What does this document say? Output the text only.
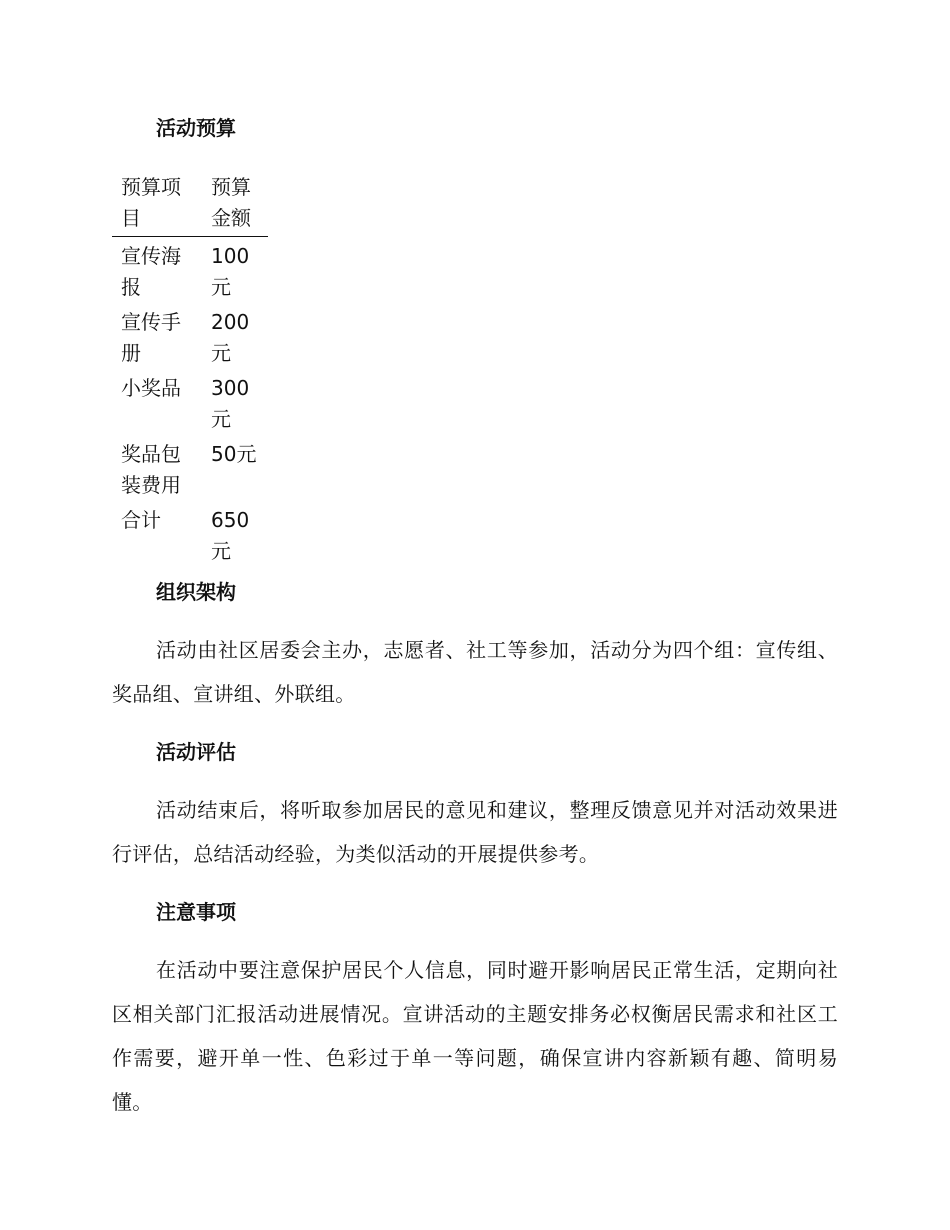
活动预算
预算项目	预算金额

宣传海报	100元

宣传手册	200元

小奖品	300元

奖品包装费用	50元

合计	650元
组织架构

活动由社区居委会主办，志愿者、社工等参加，活动分为四个组：宣传组、奖品组、宣讲组、外联组。

活动评估

活动结束后，将听取参加居民的意见和建议，整理反馈意见并对活动效果进行评估，总结活动经验，为类似活动的开展提供参考。

注意事项

在活动中要注意保护居民个人信息，同时避开影响居民正常生活，定期向社区相关部门汇报活动进展情况。宣讲活动的主题安排务必权衡居民需求和社区工作需要，避开单一性、色彩过于单一等问题，确保宣讲内容新颖有趣、简明易懂。
